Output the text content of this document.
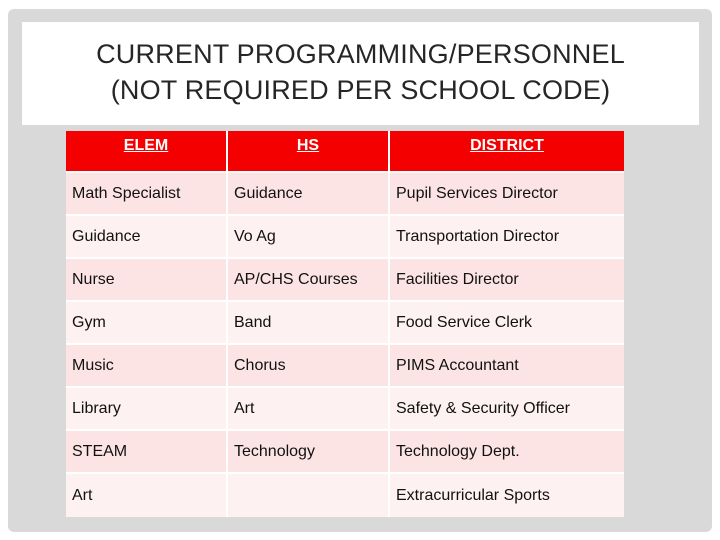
CURRENT PROGRAMMING/PERSONNEL
(NOT REQUIRED PER SCHOOL CODE)
ELEM	HS	DISTRICT
Math Specialist	Guidance	Pupil Services Director
Guidance	Vo Ag	Transportation Director
Nurse	AP/CHS Courses	Facilities Director
Gym	Band	Food Service Clerk
Music	Chorus	PIMS Accountant
Library	Art	Safety & Security Officer
STEAM	Technology	Technology Dept.
Art		Extracurricular Sports
